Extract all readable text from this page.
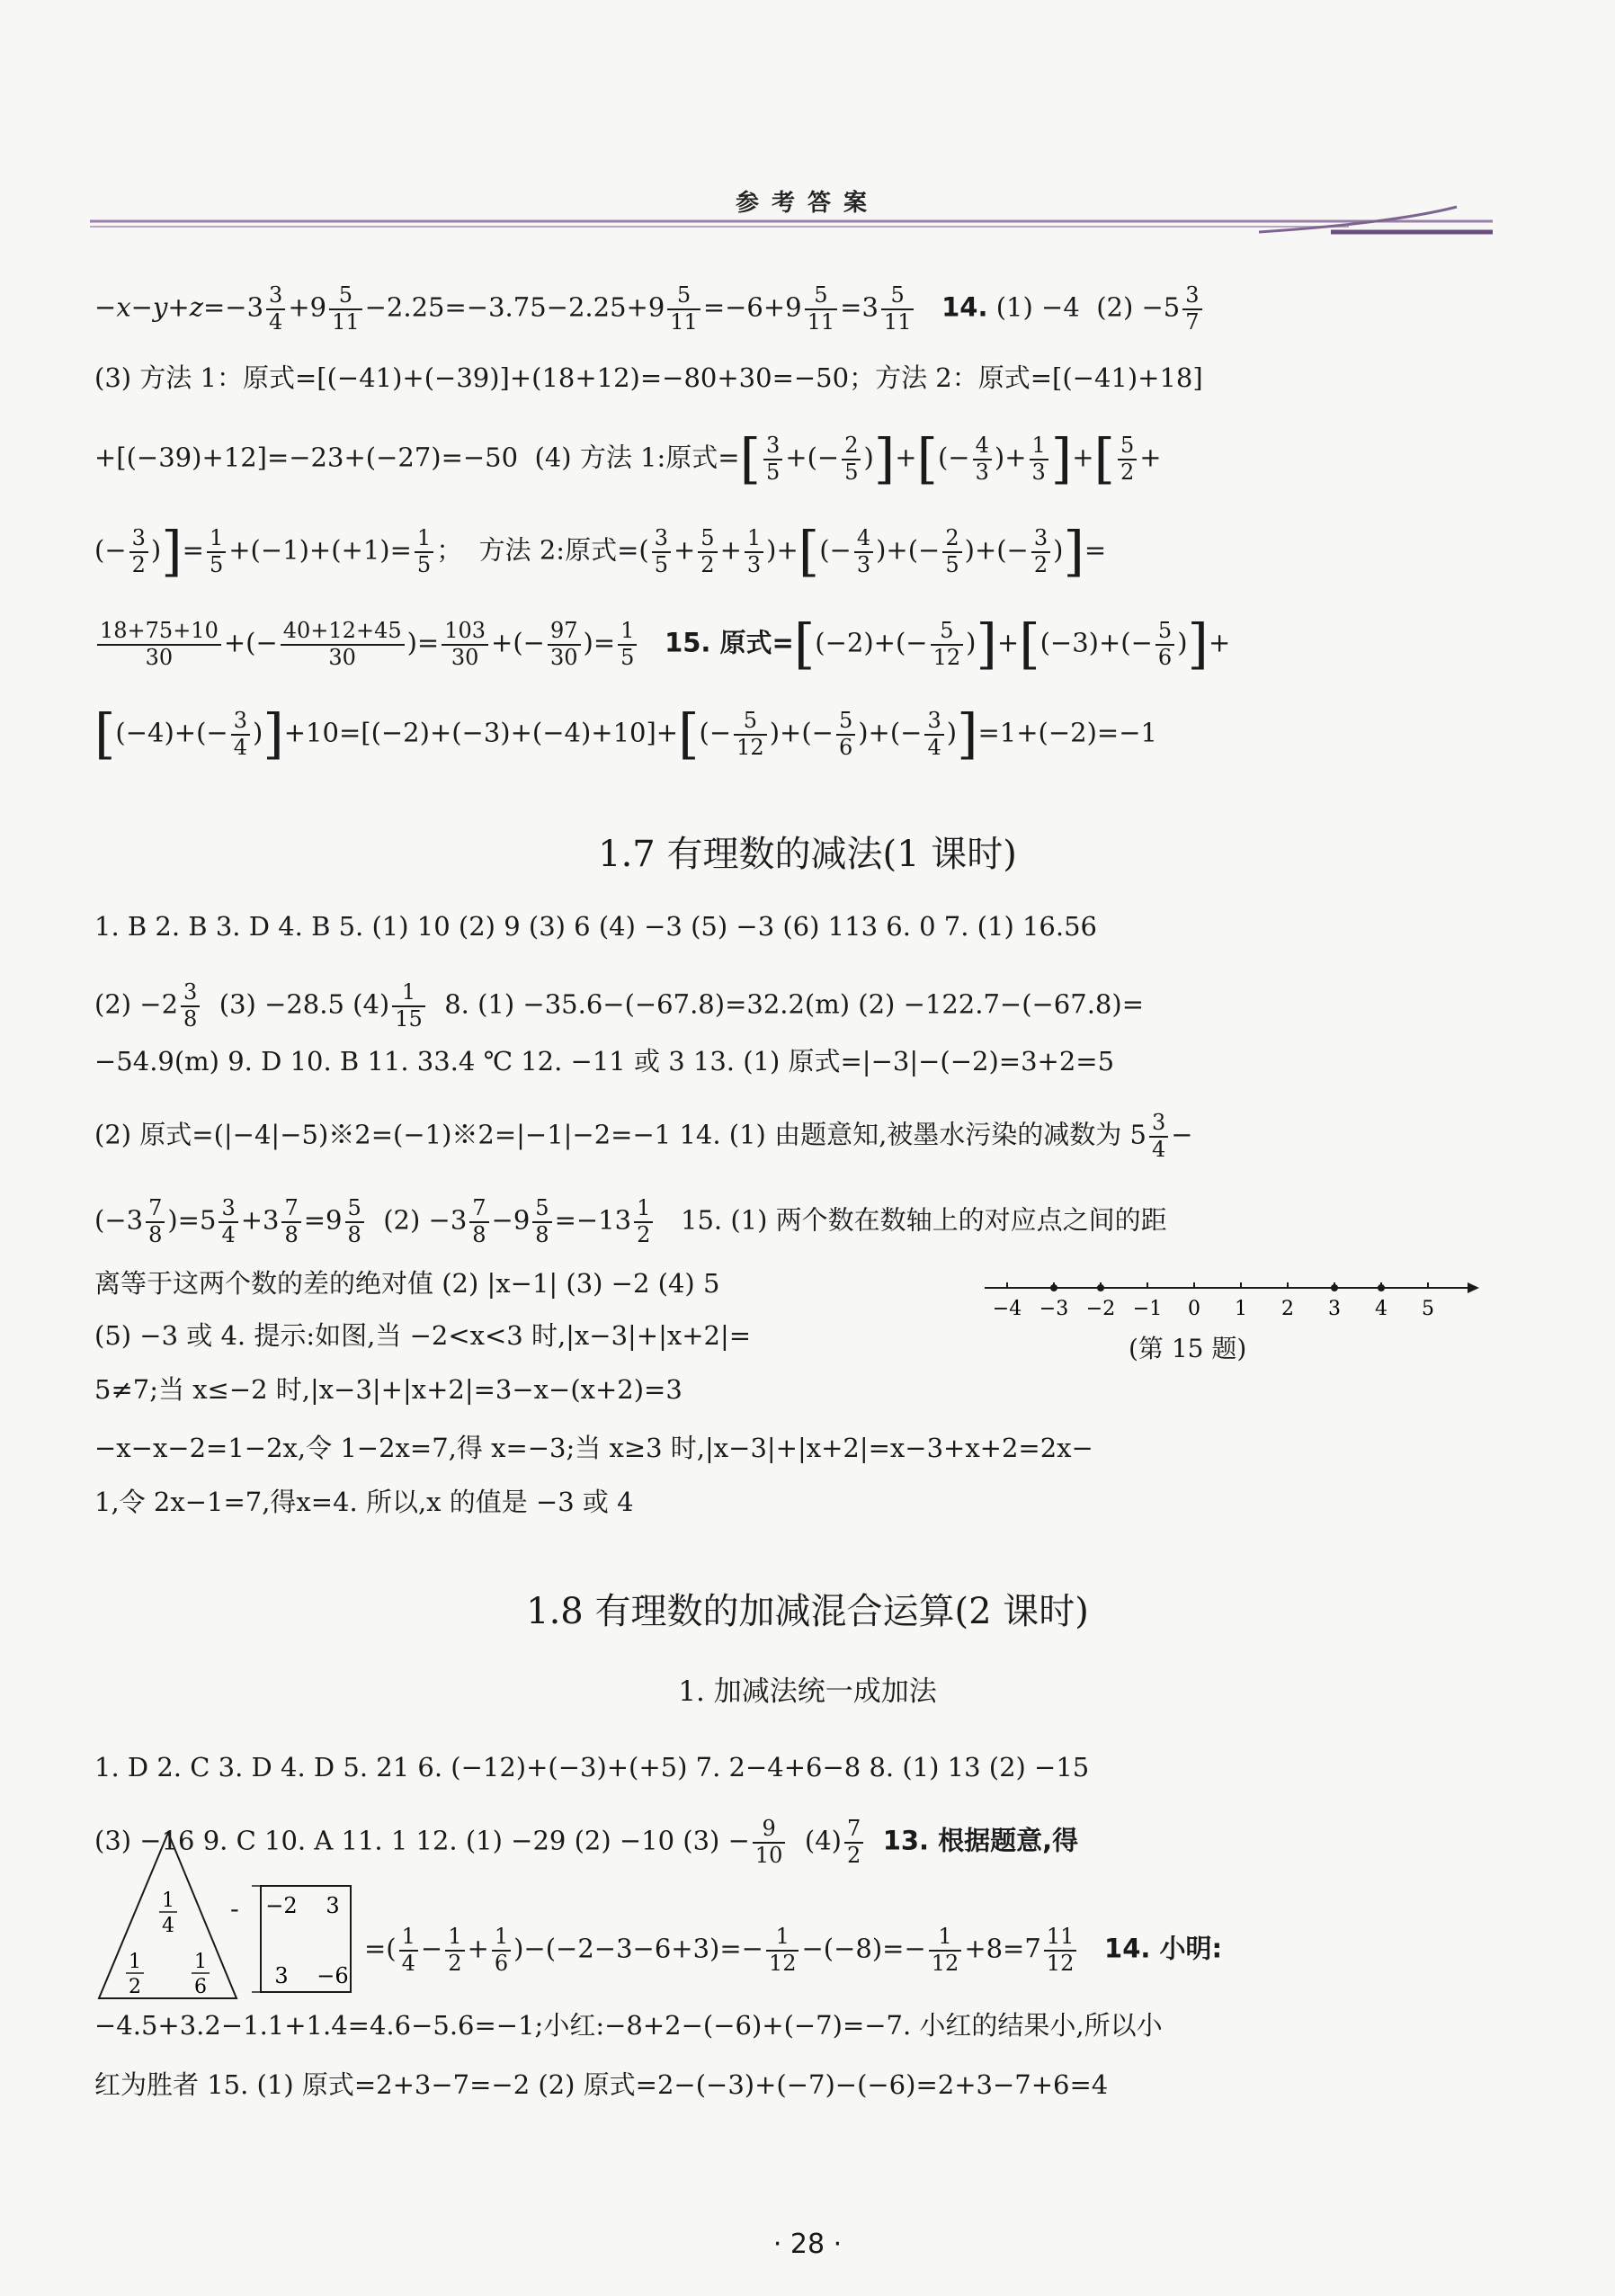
参考答案
$-x-y+z=-3 \frac{3}{4} +9 \frac{5}{11} -2.25=-3.75-2.25+9 \frac{5}{11} =-6+9 \frac{5}{11} =3 \frac{5}{11} 14$. (1) −4  $(2) -5 \frac{3}{7}$
(3) 方法 1：原式=[(−41)+(−39)]+(18+12)=−80+30=−50；方法 2：原式=[(−41)+18]
+[(−39)+12]=−23+(−27)=−50 (4) 方法 1:原式=[ $\frac{3}{5}$ +(− $\frac{2}{5}$ )]+[(− $\frac{4}{3}$ )+ $\frac{1}{3}$ ]+[ $\frac{5}{2}$ +
(− $\frac{3}{2}$ )]= $\frac{1}{5} +(-1)+(+1)= \frac{1}{5}$ ；  方法 2:原式=( $\frac{3}{5} + \frac{5}{2} + \frac{1}{3}$ )+[(− $\frac{4}{3}$ )+(− $\frac{2}{5}$ )+(− $\frac{3}{2}$ )]=
$\frac{18+75+10}{30}$ +(− $\frac{40+12+45}{30}$ )= $\frac{103}{30}$ +(− $\frac{97}{30}$ )= $\frac{1}{5} 15$. 原式$=[(-2)+(- \frac{5}{12} )]+[(-3)+(- \frac{5}{6}$ )]+
$[(-4)+(- \frac{3}{4} )]+10=[(-2)+(-3)+(-4)+10]+[(- \frac{5}{12}$ )+(− $\frac{5}{6}$ )+(− $\frac{3}{4} )]=1+(-2)=-1$
1.7 有理数的减法(1 课时)
1. B 2. B 3. D 4. B 5. (1) 10 (2) 9 (3) 6 (4) −3 (5) −3 (6) 113 6. 0 7. (1) 16.56
$(2) -2 \frac{3}{8} (3) -28.5$ $(4) \frac{1}{15} 8$. (1) −35.6−(−67.8)=32.2(m) (2) −122.7−(−67.8)=
−54.9(m) 9. D 10. B 11. 33.4 ℃ 12. −11 或 3 13. (1) 原式=|−3|−(−2)=3+2=5
(2) 原式=(|−4|−5)※2=(−1)※2=|−1|−2=−1 14. (1) 由题意知,被墨水污染的减数为 $5 \frac{3}{4}$ −
$(-3 \frac{7}{8} )=5 \frac{3}{4} +3 \frac{7}{8} =9 \frac{5}{8} (2) -3 \frac{7}{8} -9 \frac{5}{8} =-13 \frac{1}{2} 15$. (1) 两个数在数轴上的对应点之间的距
离等于这两个数的差的绝对值 (2) |x−1| (3) −2 (4) 5
(5) −3 或 4. 提示:如图,当 −2<x<3 时,|x−3|+|x+2|=
5≠7;当 x≤−2 时,|x−3|+|x+2|=3−x−(x+2)=3
−x−x−2=1−2x,令 1−2x=7,得 x=−3;当 x≥3 时,|x−3|+|x+2|=x−3+x+2=2x−
1,令 2x−1=7,得x=4. 所以,x 的值是 −3 或 4
−4 −3 −2 −1 0 1 2 3 4 5
(第 15 题)
1.8 有理数的加减混合运算(2 课时)
1. 加减法统一成加法
1. D 2. C 3. D 4. D 5. 21 6. (−12)+(−3)+(+5) 7. 2−4+6−8 8. (1) 13 (2) −15
(3) −16 9. C 10. A 11. 1 12. (1) −29 (2) −10 $(3) - \frac{9}{10} (4) \frac{7}{2} 13$. 根据题意,得
1
4
1
2
1
6
- −2 3
3 −6
=( $\frac{1}{4} - \frac{1}{2} + \frac{1}{6} )-(-2-3-6+3)=- \frac{1}{12} -(-8)=- \frac{1}{12} +8=7 \frac{11}{12} 14$. 小明:
−4.5+3.2−1.1+1.4=4.6−5.6=−1;小红:−8+2−(−6)+(−7)=−7. 小红的结果小,所以小
红为胜者 15. (1) 原式=2+3−7=−2 (2) 原式=2−(−3)+(−7)−(−6)=2+3−7+6=4
· 28 ·
